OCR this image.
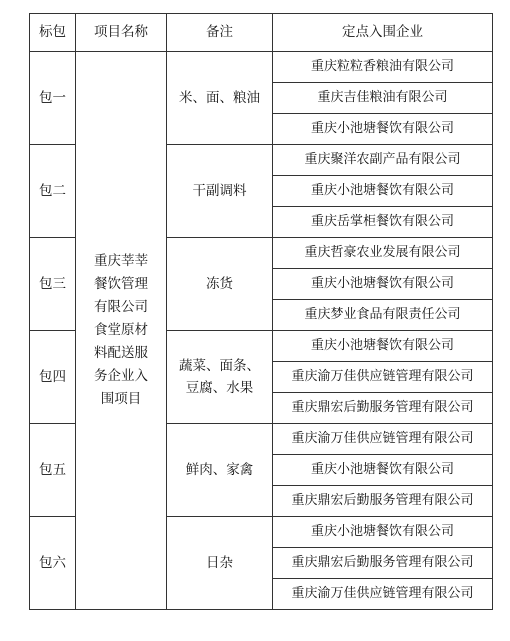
标包	项目名称	备注	定点入围企业
包一	重庆莘莘餐饮管理有限公司食堂原材料配送服务企业入围项目	米、面、粮油	重庆粒粒香粮油有限公司
			重庆吉佳粮油有限公司
			重庆小池塘餐饮有限公司
包二		干副调料	重庆聚洋农副产品有限公司
			重庆小池塘餐饮有限公司
			重庆岳掌柜餐饮有限公司
包三		冻货	重庆哲豪农业发展有限公司
			重庆小池塘餐饮有限公司
			重庆梦业食品有限责任公司
包四		蔬菜、面条、豆腐、水果	重庆小池塘餐饮有限公司
			重庆渝万佳供应链管理有限公司
			重庆鼎宏后勤服务管理有限公司
包五		鲜肉、家禽	重庆渝万佳供应链管理有限公司
			重庆小池塘餐饮有限公司
			重庆鼎宏后勤服务管理有限公司
包六		日杂	重庆小池塘餐饮有限公司
			重庆鼎宏后勤服务管理有限公司
			重庆渝万佳供应链管理有限公司
